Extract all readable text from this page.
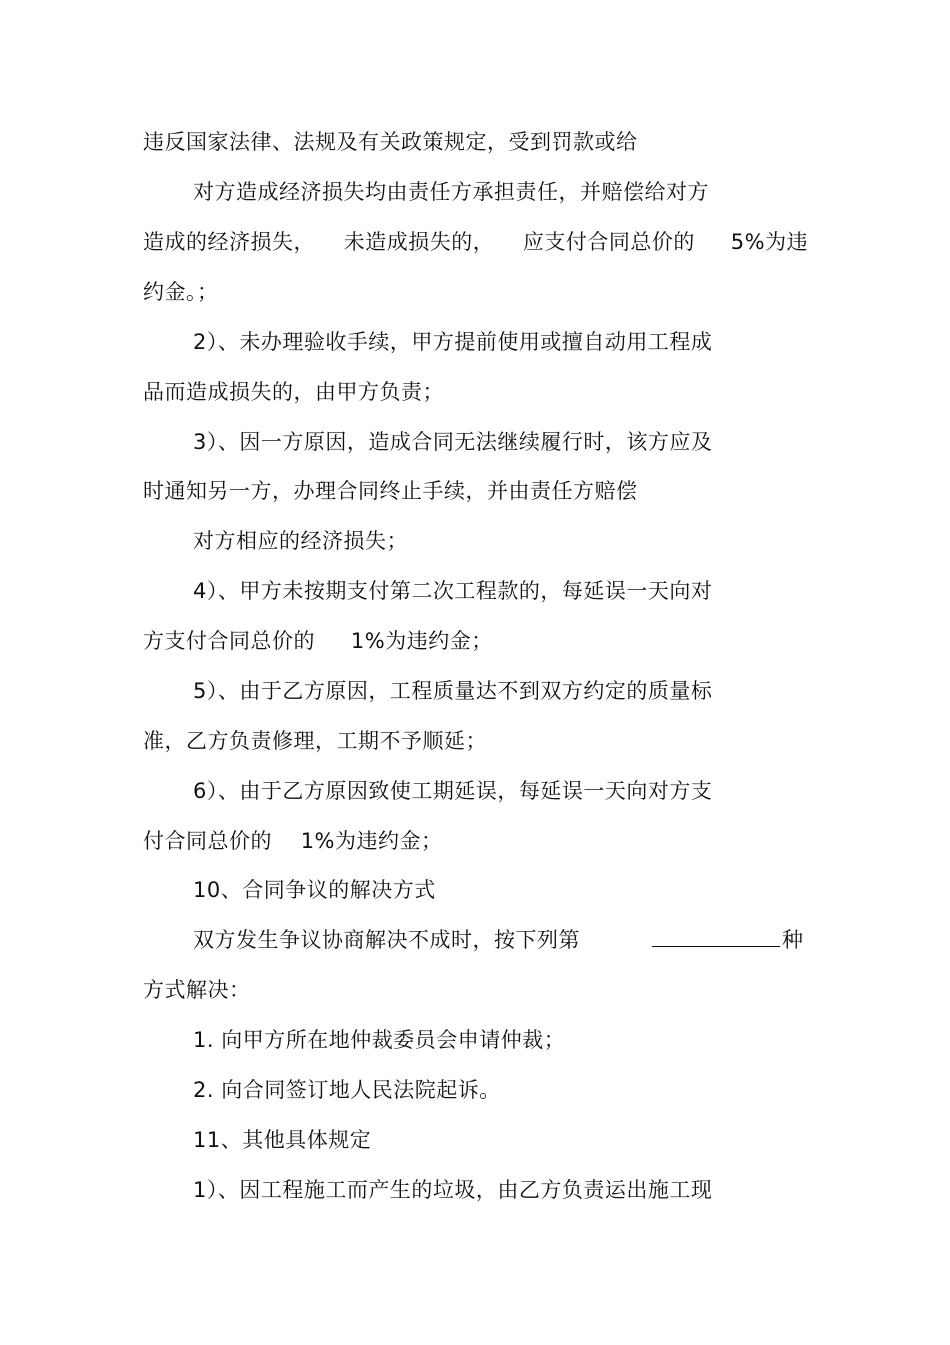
违反国家法律、法规及有关政策规定，受到罚款或给
对方造成经济损失均由责任方承担责任，并赔偿给对方
造成的经济损失，    未造成损失的，    应支付合同总价的     5%为违
约金。；
2）、未办理验收手续，甲方提前使用或擅自动用工程成
品而造成损失的，由甲方负责；
3）、因一方原因，造成合同无法继续履行时，该方应及
时通知另一方，办理合同终止手续，并由责任方赔偿
对方相应的经济损失；
4）、甲方未按期支付第二次工程款的，每延误一天向对
方支付合同总价的     1%为违约金；
5）、由于乙方原因，工程质量达不到双方约定的质量标
准，乙方负责修理，工期不予顺延；
6）、由于乙方原因致使工期延误，每延误一天向对方支
付合同总价的    1%为违约金；
10、合同争议的解决方式
双方发生争议协商解决不成时，按下列第	种
方式解决：
1. 向甲方所在地仲裁委员会申请仲裁；
2. 向合同签订地人民法院起诉。
11、其他具体规定
1）、因工程施工而产生的垃圾，由乙方负责运出施工现
